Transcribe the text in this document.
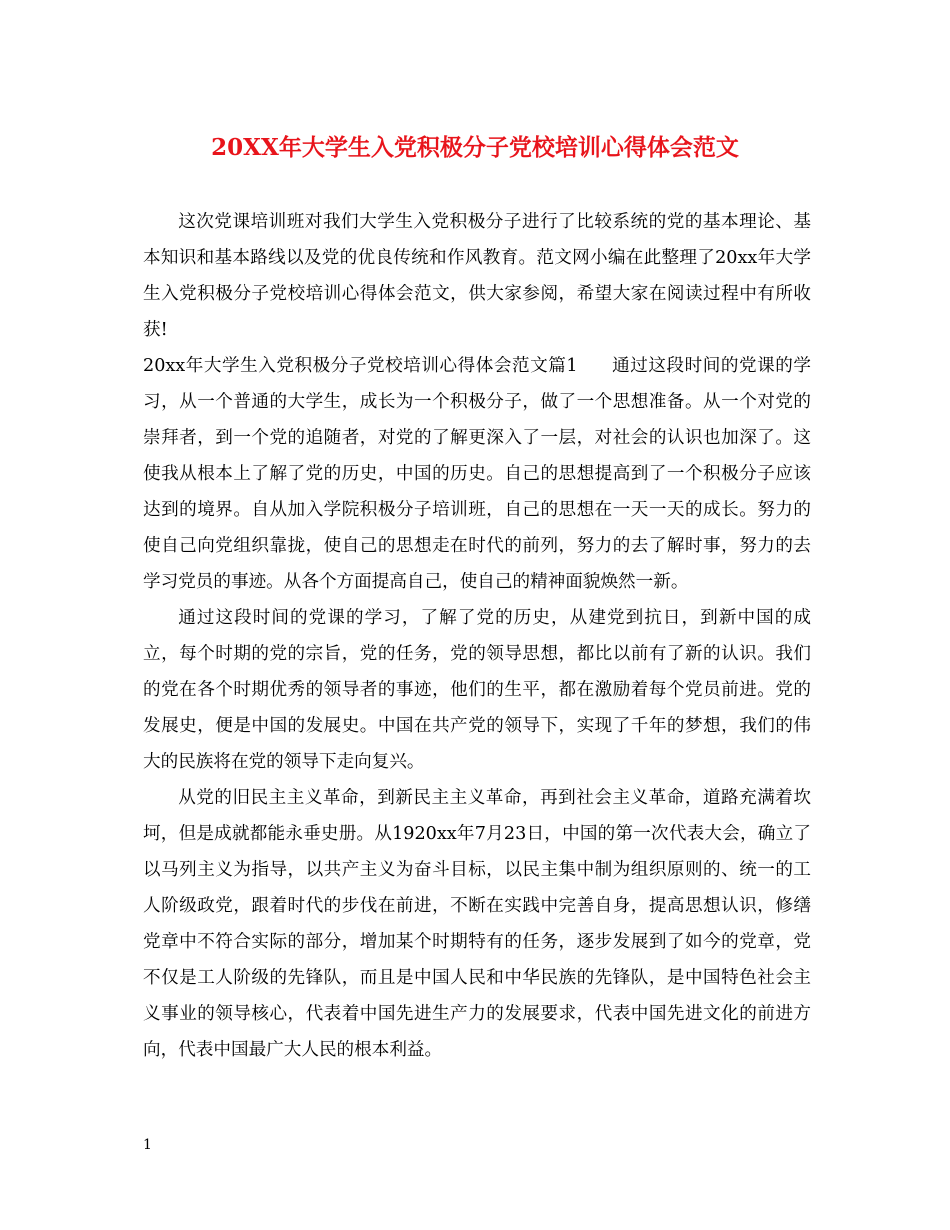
20XX年大学生入党积极分子党校培训心得体会范文

这次党课培训班对我们大学生入党积极分子进行了比较系统的党的基本理论、基本知识和基本路线以及党的优良传统和作风教育。范文网小编在此整理了20xx年大学生入党积极分子党校培训心得体会范文，供大家参阅，希望大家在阅读过程中有所收获!

20xx年大学生入党积极分子党校培训心得体会范文篇1 通过这段时间的党课的学习，从一个普通的大学生，成长为一个积极分子，做了一个思想准备。从一个对党的崇拜者，到一个党的追随者，对党的了解更深入了一层，对社会的认识也加深了。这使我从根本上了解了党的历史，中国的历史。自己的思想提高到了一个积极分子应该达到的境界。自从加入学院积极分子培训班，自己的思想在一天一天的成长。努力的使自己向党组织靠拢，使自己的思想走在时代的前列，努力的去了解时事，努力的去学习党员的事迹。从各个方面提高自己，使自己的精神面貌焕然一新。

通过这段时间的党课的学习，了解了党的历史，从建党到抗日，到新中国的成立，每个时期的党的宗旨，党的任务，党的领导思想，都比以前有了新的认识。我们的党在各个时期优秀的领导者的事迹，他们的生平，都在激励着每个党员前进。党的发展史，便是中国的发展史。中国在共产党的领导下，实现了千年的梦想，我们的伟大的民族将在党的领导下走向复兴。

从党的旧民主主义革命，到新民主主义革命，再到社会主义革命，道路充满着坎坷，但是成就都能永垂史册。从1920xx年7月23日，中国的第一次代表大会，确立了以马列主义为指导，以共产主义为奋斗目标，以民主集中制为组织原则的、统一的工人阶级政党，跟着时代的步伐在前进，不断在实践中完善自身，提高思想认识，修缮党章中不符合实际的部分，增加某个时期特有的任务，逐步发展到了如今的党章，党不仅是工人阶级的先锋队，而且是中国人民和中华民族的先锋队，是中国特色社会主义事业的领导核心，代表着中国先进生产力的发展要求，代表中国先进文化的前进方向，代表中国最广大人民的根本利益。

1
